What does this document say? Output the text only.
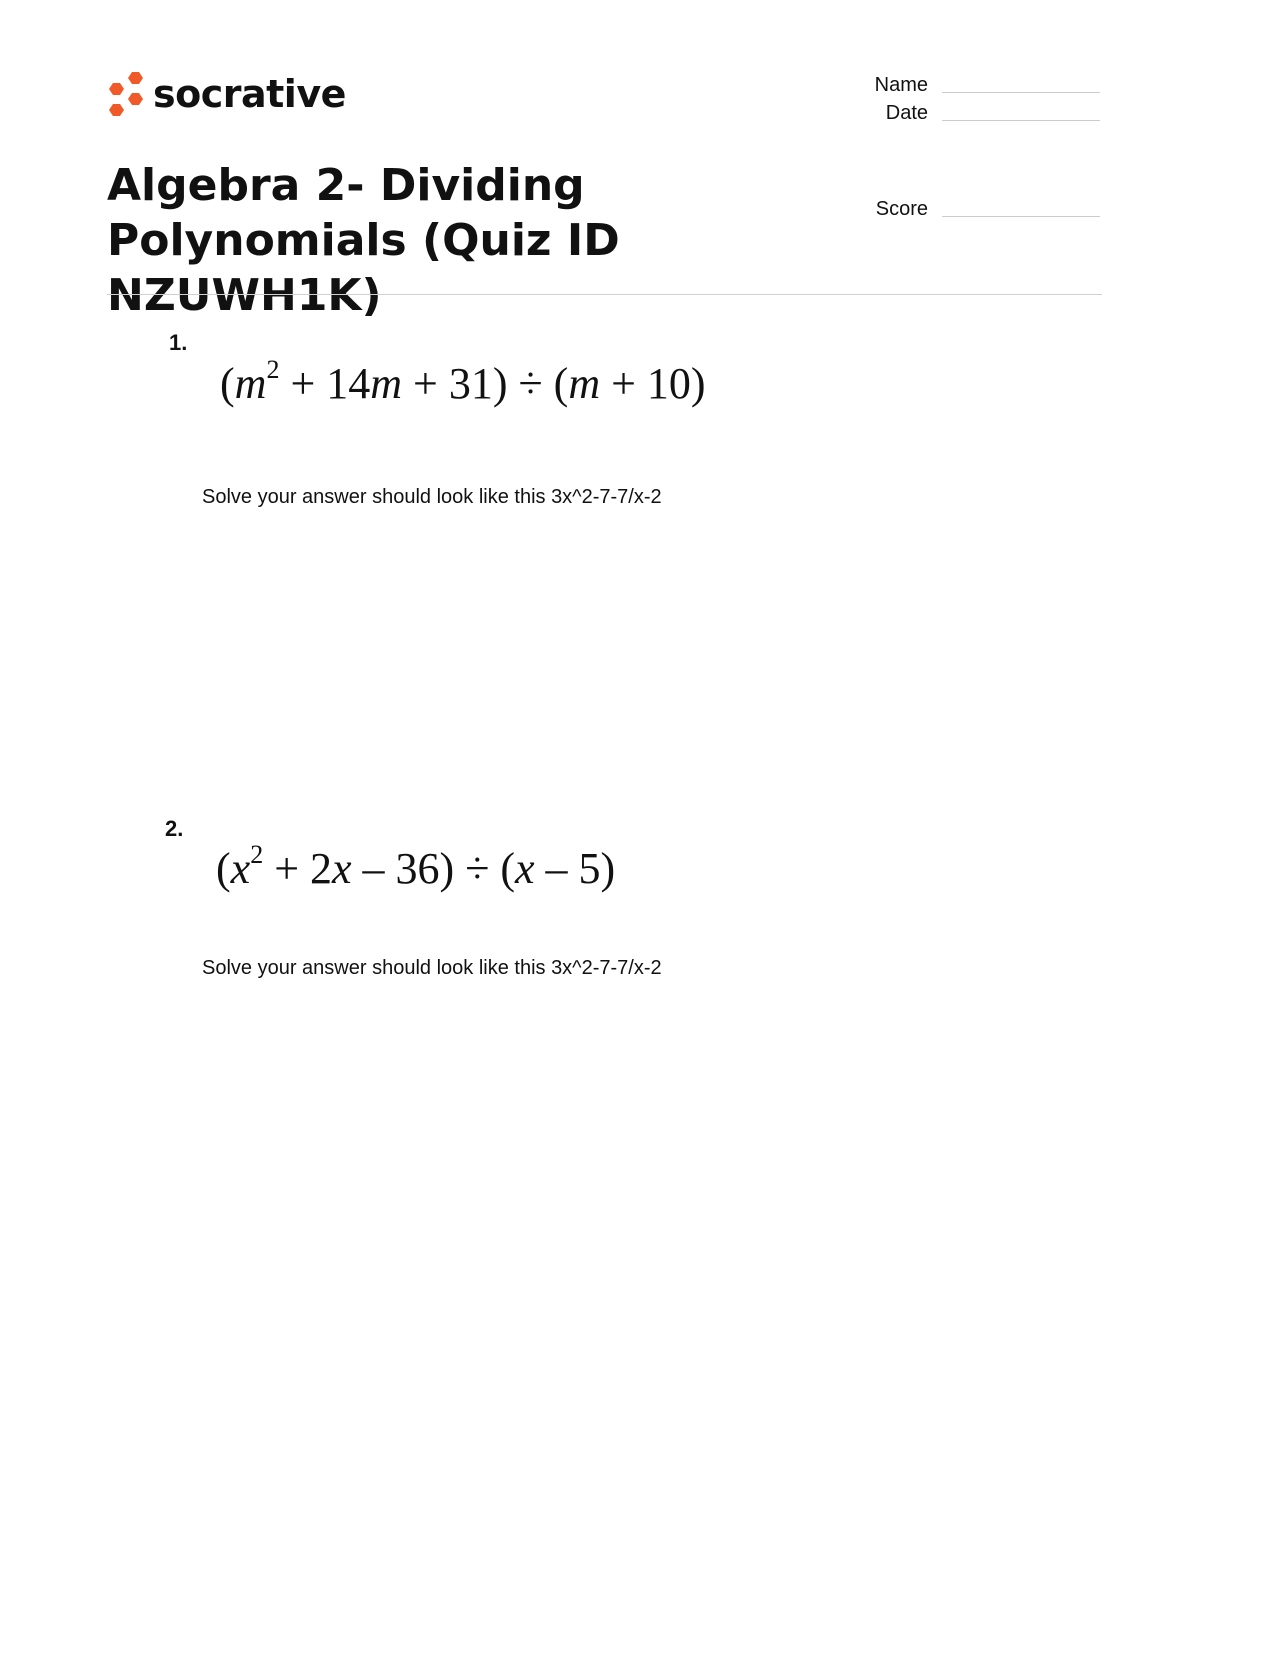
socrative	Name
Date
Score
Algebra 2- Dividing Polynomials (Quiz ID NZUWH1K)
1.
$(m^2 + 14m + 31) \div (m + 10)$
Solve your answer should look like this 3x^2-7-7/x-2
2.
$(x^2 + 2x - 36) \div (x - 5)$
Solve your answer should look like this 3x^2-7-7/x-2
